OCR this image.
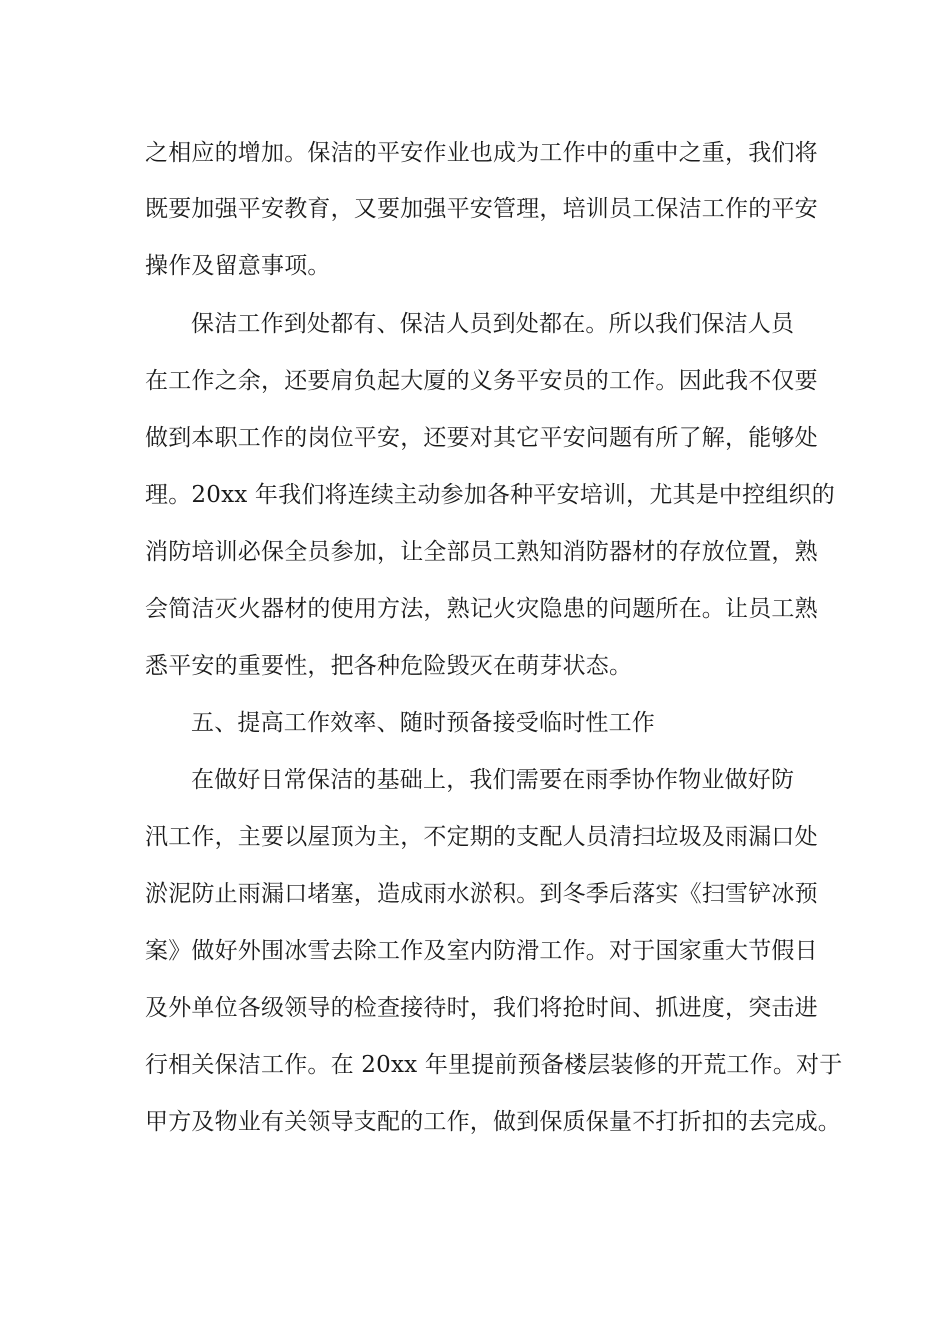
之相应的增加。保洁的平安作业也成为工作中的重中之重，我们将

既要加强平安教育，又要加强平安管理，培训员工保洁工作的平安

操作及留意事项。

保洁工作到处都有、保洁人员到处都在。所以我们保洁人员

在工作之余，还要肩负起大厦的义务平安员的工作。因此我不仅要

做到本职工作的岗位平安，还要对其它平安问题有所了解，能够处

理。20xx 年我们将连续主动参加各种平安培训，尤其是中控组织的

消防培训必保全员参加，让全部员工熟知消防器材的存放位置，熟

会简洁灭火器材的使用方法，熟记火灾隐患的问题所在。让员工熟

悉平安的重要性，把各种危险毁灭在萌芽状态。

五、提高工作效率、随时预备接受临时性工作

在做好日常保洁的基础上，我们需要在雨季协作物业做好防

汛工作，主要以屋顶为主，不定期的支配人员清扫垃圾及雨漏口处

淤泥防止雨漏口堵塞，造成雨水淤积。到冬季后落实《扫雪铲冰预

案》做好外围冰雪去除工作及室内防滑工作。对于国家重大节假日

及外单位各级领导的检查接待时，我们将抢时间、抓进度，突击进

行相关保洁工作。在 20xx 年里提前预备楼层装修的开荒工作。对于

甲方及物业有关领导支配的工作，做到保质保量不打折扣的去完成。
